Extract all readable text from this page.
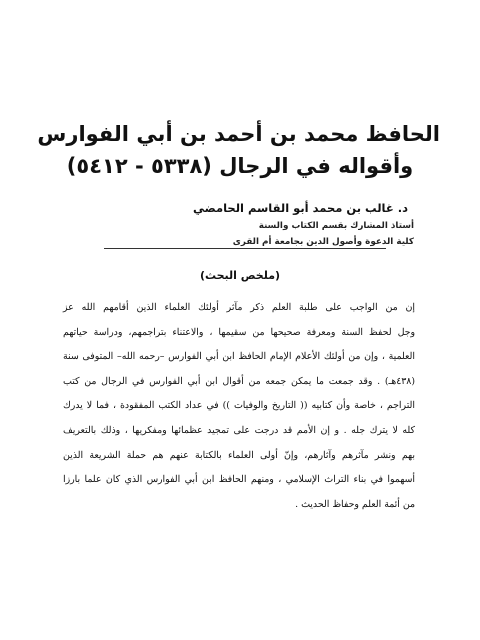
الحافظ محمد بن أحمد بن أبي الفوارس
وأقواله في الرجال (٥٣٣٨ - ٥٤١٢)
د. غالب بن محمد أبو القاسم الحامضي
أستاذ المشارك بقسم الكتاب والسنة
كلية الدعوة وأصول الدين بجامعة أم القرى
(ملخص البحث)
إن من الواجب على طلبة العلم ذكر مآثر أولئك العلماء الذين أقامهم الله عز
وجل لحفظ السنة ومعرفة صحيحها من سقيمها ، والاعتناء بتراجمهم، ودراسة حياتهم
العلمية ، وإن من أولئك الأعلام الإمام الحافظ ابن أبي الفوارس –رحمه الله– المتوفى سنة
(٤٣٨هـ) . وقد جمعت ما يمكن جمعه من أقوال ابن أبي الفوارس في الرجال من كتب
التراجم ، خاصة وأن كتابيه (( التاريخ والوفيات )) في عداد الكتب المفقودة ، فما لا يدرك
كله لا يترك جله . و إن الأمم قد درجت على تمجيد عظمائها ومفكريها ، وذلك بالتعريف
بهم ونشر مآثرهم وآثارهم، وإنّ أولى العلماء بالكتابة عنهم هم حملة الشريعة الذين
أسهموا في بناء التراث الإسلامي ، ومنهم الحافظ ابن أبي الفوارس الذي كان علما بارزا
من أئمة العلم وحفاظ الحديث .
